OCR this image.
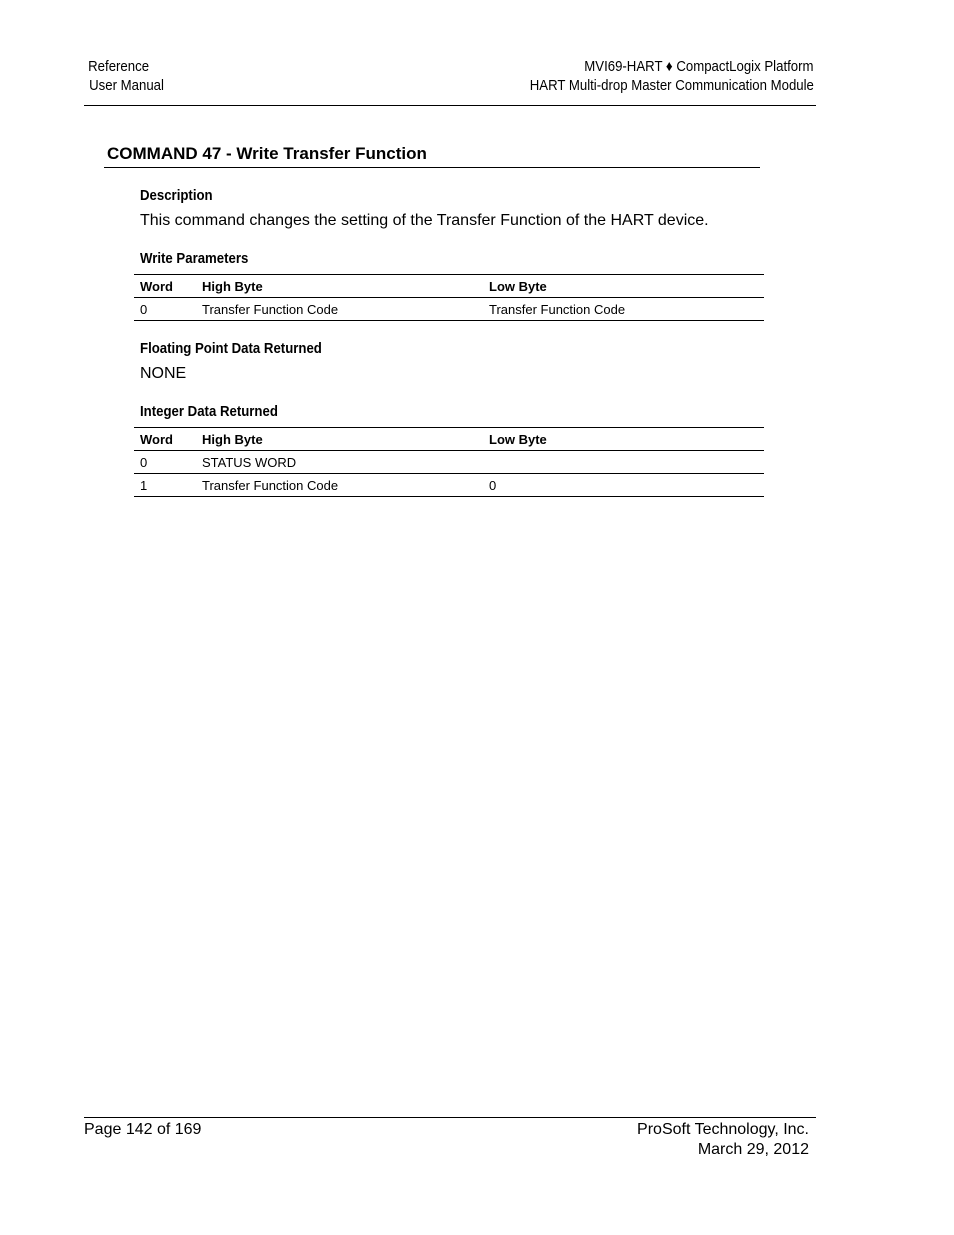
Reference
User Manual
MVI69-HART ♦ CompactLogix Platform
HART Multi-drop Master Communication Module
COMMAND 47 - Write Transfer Function
Description
This command changes the setting of the Transfer Function of the HART device.
Write Parameters
Word	High Byte	Low Byte
0	Transfer Function Code	Transfer Function Code
Floating Point Data Returned
NONE
Integer Data Returned
Word	High Byte	Low Byte
0	STATUS WORD	
1	Transfer Function Code	0
Page 142 of 169	ProSoft Technology, Inc.
March 29, 2012
